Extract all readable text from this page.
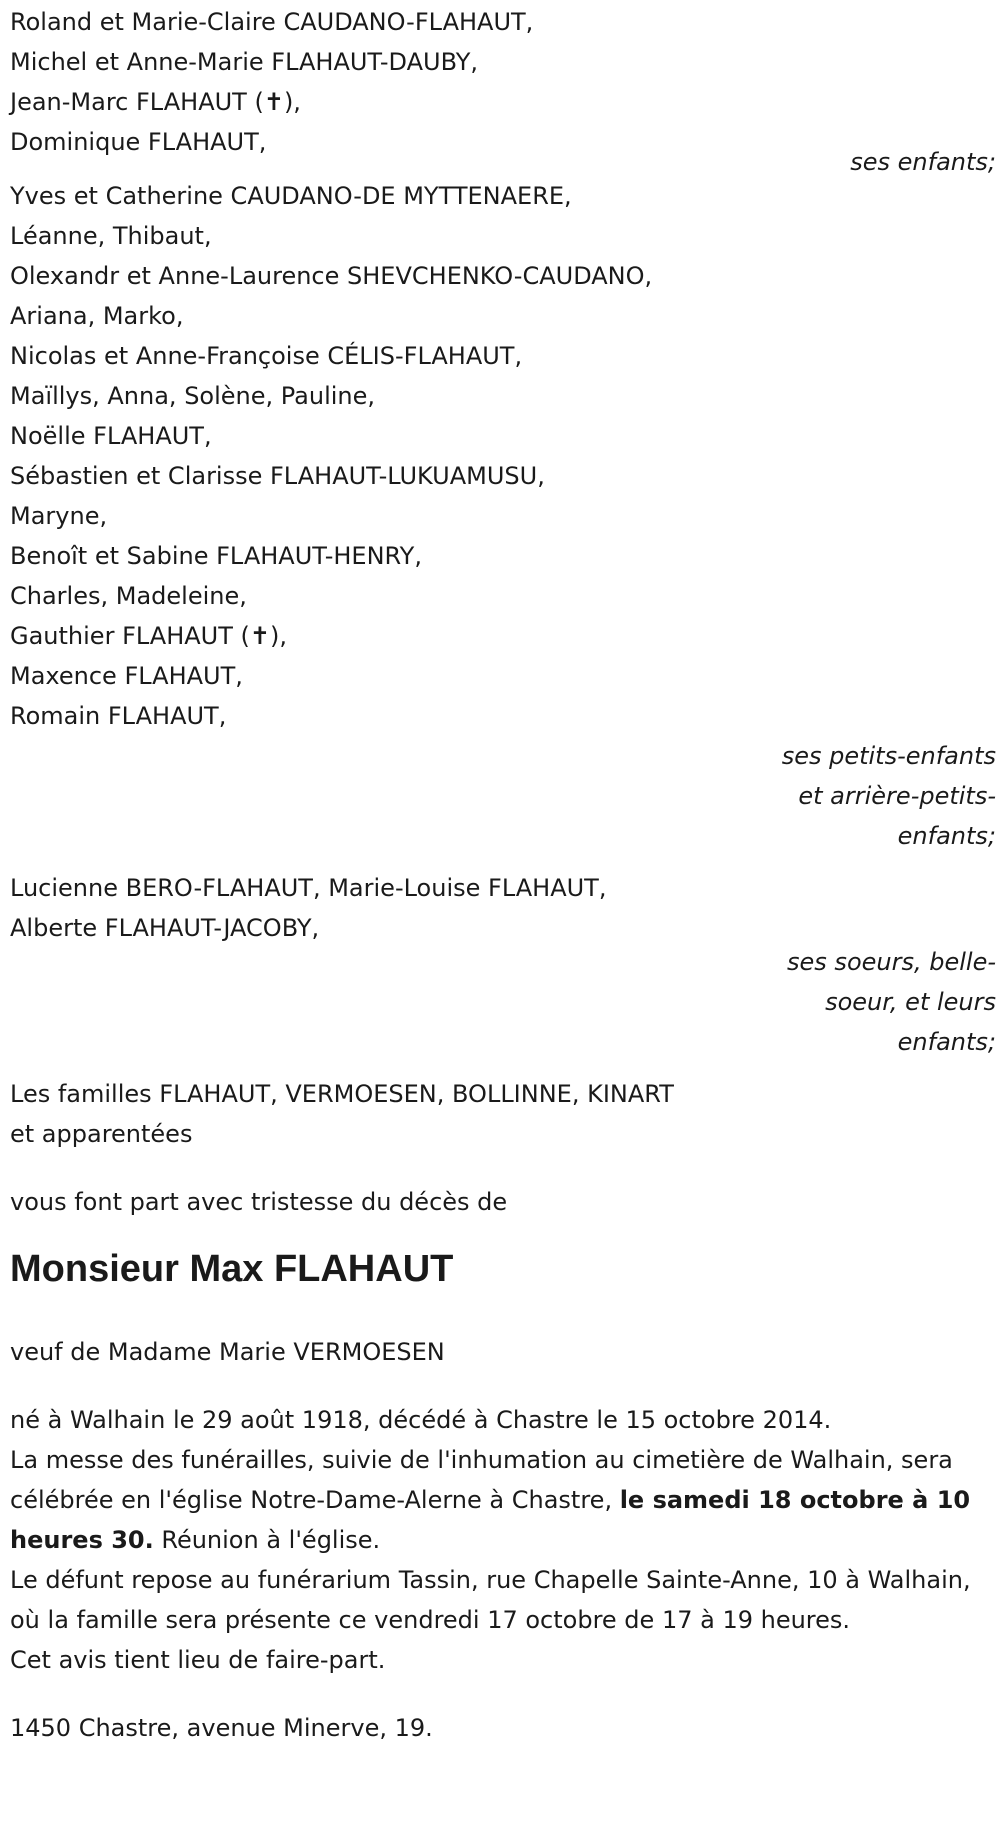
Roland et Marie-Claire CAUDANO-FLAHAUT,
Michel et Anne-Marie FLAHAUT-DAUBY,
Jean-Marc FLAHAUT (✝),
Dominique FLAHAUT,
ses enfants;
Yves et Catherine CAUDANO-DE MYTTENAERE,
Léanne, Thibaut,
Olexandr et Anne-Laurence SHEVCHENKO-CAUDANO,
Ariana, Marko,
Nicolas et Anne-Françoise CÉLIS-FLAHAUT,
Maïllys, Anna, Solène, Pauline,
Noëlle FLAHAUT,
Sébastien et Clarisse FLAHAUT-LUKUAMUSU,
Maryne,
Benoît et Sabine FLAHAUT-HENRY,
Charles, Madeleine,
Gauthier FLAHAUT (✝),
Maxence FLAHAUT,
Romain FLAHAUT,
ses petits-enfants
et arrière-petits-
enfants;
Lucienne BERO-FLAHAUT, Marie-Louise FLAHAUT,
Alberte FLAHAUT-JACOBY,
ses soeurs, belle-
soeur, et leurs
enfants;
Les familles FLAHAUT, VERMOESEN, BOLLINNE, KINART
et apparentées
vous font part avec tristesse du décès de
Monsieur Max FLAHAUT
veuf de Madame Marie VERMOESEN
né à Walhain le 29 août 1918, décédé à Chastre le 15 octobre 2014.
La messe des funérailles, suivie de l'inhumation au cimetière de Walhain, sera célébrée en l'église Notre-Dame-Alerne à Chastre, le samedi 18 octobre à 10 heures 30. Réunion à l'église.
Le défunt repose au funérarium Tassin, rue Chapelle Sainte-Anne, 10 à Walhain, où la famille sera présente ce vendredi 17 octobre de 17 à 19 heures.
Cet avis tient lieu de faire-part.
1450 Chastre, avenue Minerve, 19.
